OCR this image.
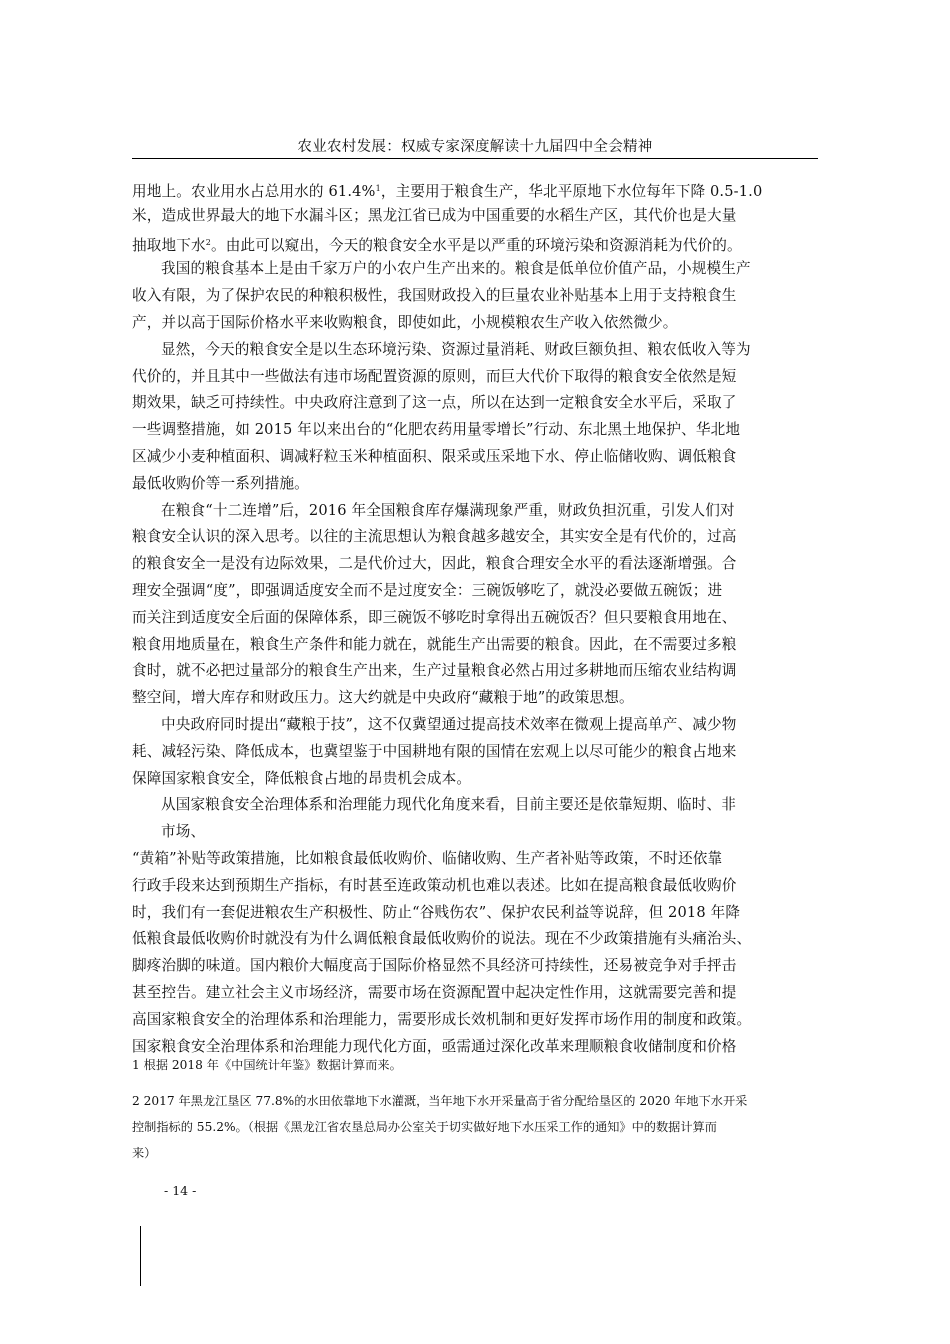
农业农村发展：权威专家深度解读十九届四中全会精神
用地上。农业用水占总用水的 61.4%$^1$，主要用于粮食生产，华北平原地下水位每年下降 0.5-1.0
米，造成世界最大的地下水漏斗区；黑龙江省已成为中国重要的水稻生产区，其代价也是大量
抽取地下水$^2$。由此可以窥出，今天的粮食安全水平是以严重的环境污染和资源消耗为代价的。
我国的粮食基本上是由千家万户的小农户生产出来的。粮食是低单位价值产品，小规模生产
收入有限，为了保护农民的种粮积极性，我国财政投入的巨量农业补贴基本上用于支持粮食生
产，并以高于国际价格水平来收购粮食，即使如此，小规模粮农生产收入依然微少。
显然，今天的粮食安全是以生态环境污染、资源过量消耗、财政巨额负担、粮农低收入等为
代价的，并且其中一些做法有违市场配置资源的原则，而巨大代价下取得的粮食安全依然是短
期效果，缺乏可持续性。中央政府注意到了这一点，所以在达到一定粮食安全水平后，采取了
一些调整措施，如 2015 年以来出台的“化肥农药用量零增长”行动、东北黑土地保护、华北地
区减少小麦种植面积、调减籽粒玉米种植面积、限采或压采地下水、停止临储收购、调低粮食
最低收购价等一系列措施。
在粮食“十二连增”后，2016 年全国粮食库存爆满现象严重，财政负担沉重，引发人们对
粮食安全认识的深入思考。以往的主流思想认为粮食越多越安全，其实安全是有代价的，过高
的粮食安全一是没有边际效果，二是代价过大，因此，粮食合理安全水平的看法逐渐增强。合
理安全强调“度”，即强调适度安全而不是过度安全：三碗饭够吃了，就没必要做五碗饭；进
而关注到适度安全后面的保障体系，即三碗饭不够吃时拿得出五碗饭否？但只要粮食用地在、
粮食用地质量在，粮食生产条件和能力就在，就能生产出需要的粮食。因此，在不需要过多粮
食时，就不必把过量部分的粮食生产出来，生产过量粮食必然占用过多耕地而压缩农业结构调
整空间，增大库存和财政压力。这大约就是中央政府“藏粮于地”的政策思想。
中央政府同时提出“藏粮于技”，这不仅冀望通过提高技术效率在微观上提高单产、减少物
耗、减轻污染、降低成本，也冀望鉴于中国耕地有限的国情在宏观上以尽可能少的粮食占地来
保障国家粮食安全，降低粮食占地的昂贵机会成本。
从国家粮食安全治理体系和治理能力现代化角度来看，目前主要还是依靠短期、临时、非
市场、
“黄箱”补贴等政策措施，比如粮食最低收购价、临储收购、生产者补贴等政策，不时还依靠
行政手段来达到预期生产指标，有时甚至连政策动机也难以表述。比如在提高粮食最低收购价
时，我们有一套促进粮农生产积极性、防止“谷贱伤农”、保护农民利益等说辞，但 2018 年降
低粮食最低收购价时就没有为什么调低粮食最低收购价的说法。现在不少政策措施有头痛治头、
脚疼治脚的味道。国内粮价大幅度高于国际价格显然不具经济可持续性，还易被竞争对手抨击
甚至控告。建立社会主义市场经济，需要市场在资源配置中起决定性作用，这就需要完善和提
高国家粮食安全的治理体系和治理能力，需要形成长效机制和更好发挥市场作用的制度和政策。
国家粮食安全治理体系和治理能力现代化方面，亟需通过深化改革来理顺粮食收储制度和价格
1 根据 2018 年《中国统计年鉴》数据计算而来。
2 2017 年黑龙江垦区 77.8%的水田依靠地下水灌溉，当年地下水开采量高于省分配给垦区的 2020 年地下水开采
控制指标的 55.2%。（根据《黑龙江省农垦总局办公室关于切实做好地下水压采工作的通知》中的数据计算而
来）
- 14 -
